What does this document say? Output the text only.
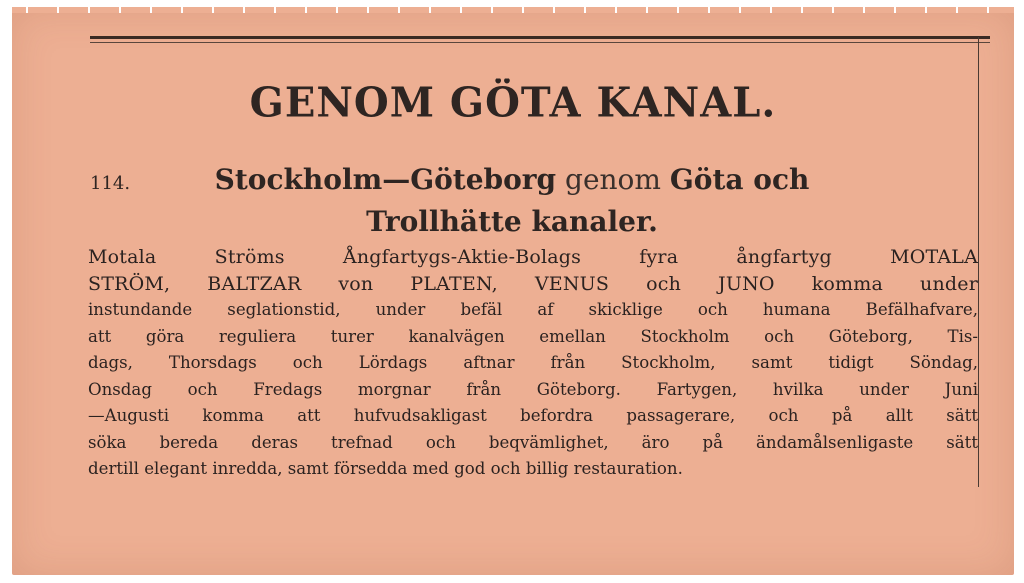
GENOM GÖTA KANAL.
114.	Stockholm—Göteborg genom Göta och
Trollhätte kanaler.
Motala Ströms Ångfartygs-Aktie-Bolags fyra ångfartyg MOTALA
STRÖM, BALTZAR von PLATEN, VENUS och JUNO komma under
instundande seglationstid, under befäl af skicklige och humana Befälhafvare,
att göra reguliera turer kanalvägen emellan Stockholm och Göteborg, Tis-
dags, Thorsdags och Lördags aftnar från Stockholm, samt tidigt Söndag,
Onsdag och Fredags morgnar från Göteborg. Fartygen, hvilka under Juni
—Augusti komma att hufvudsakligast befordra passagerare, och på allt sätt
söka bereda deras trefnad och beqvämlighet, äro på ändamålsenligaste sätt
dertill elegant inredda, samt försedda med god och billig restauration.
